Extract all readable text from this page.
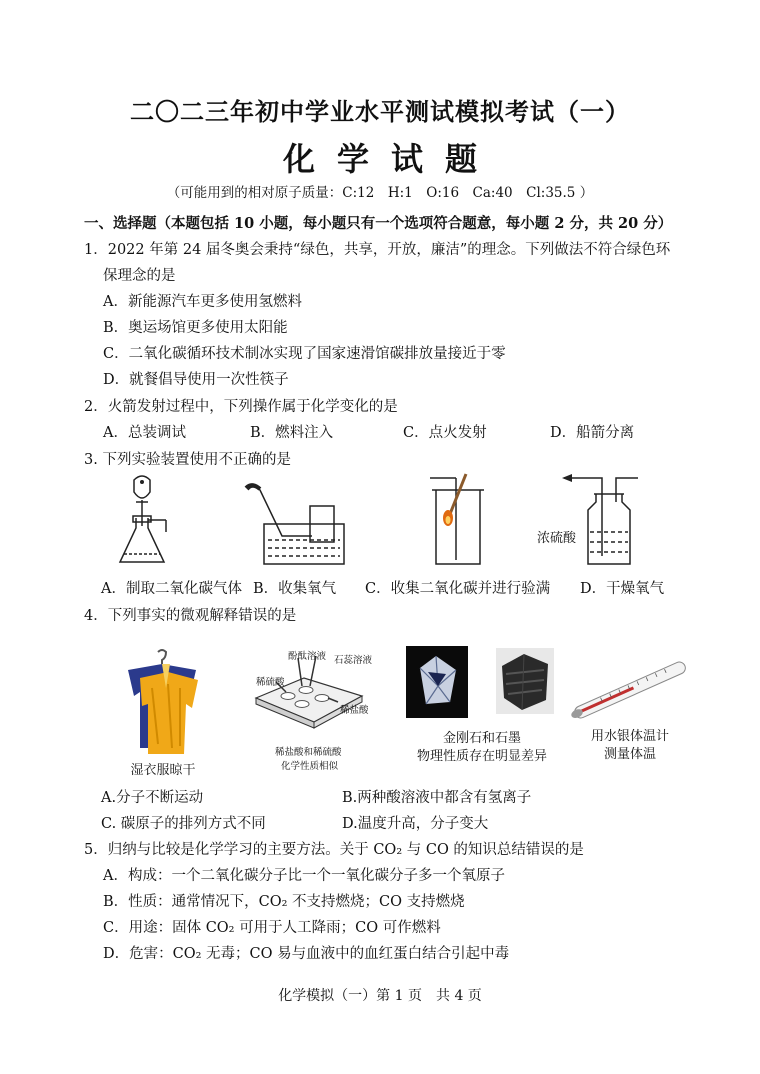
二〇二三年初中学业水平测试模拟考试（一）
化学试题
（可能用到的相对原子质量：C:12　H:1　O:16　Ca:40　Cl:35.5 ）
一、选择题（本题包括 10 小题，每小题只有一个选项符合题意，每小题 2 分，共 20 分）
1．2022 年第 24 届冬奥会秉持“绿色，共享，开放，廉洁”的理念。下列做法不符合绿色环
保理念的是
A．新能源汽车更多使用氢燃料
B．奥运场馆更多使用太阳能
C．二氧化碳循环技术制冰实现了国家速滑馆碳排放量接近于零
D．就餐倡导使用一次性筷子
2．火箭发射过程中，下列操作属于化学变化的是
A．总装调试	B．燃料注入	C．点火发射	D．船箭分离
3. 下列实验装置使用不正确的是
浓硫酸
A．制取二氧化碳气体 B．收集氧气 C．收集二氧化碳并进行验满 D．干燥氧气
4．下列事实的微观解释错误的是
湿衣服晾干
酚酞溶液 石蕊溶液
稀硫酸
稀盐酸
稀盐酸和稀硫酸
化学性质相似
金刚石和石墨
物理性质存在明显差异
用水银体温计
测量体温
A.分子不断运动	B.两种酸溶液中都含有氢离子
C. 碳原子的排列方式不同	D.温度升高，分子变大
5．归纳与比较是化学学习的主要方法。关于 CO₂ 与 CO 的知识总结错误的是
A．构成：一个二氧化碳分子比一个一氧化碳分子多一个氧原子
B．性质：通常情况下，CO₂ 不支持燃烧；CO 支持燃烧
C．用途：固体 CO₂ 可用于人工降雨；CO 可作燃料
D．危害：CO₂ 无毒；CO 易与血液中的血红蛋白结合引起中毒
化学模拟（一）第 1 页　共 4 页
